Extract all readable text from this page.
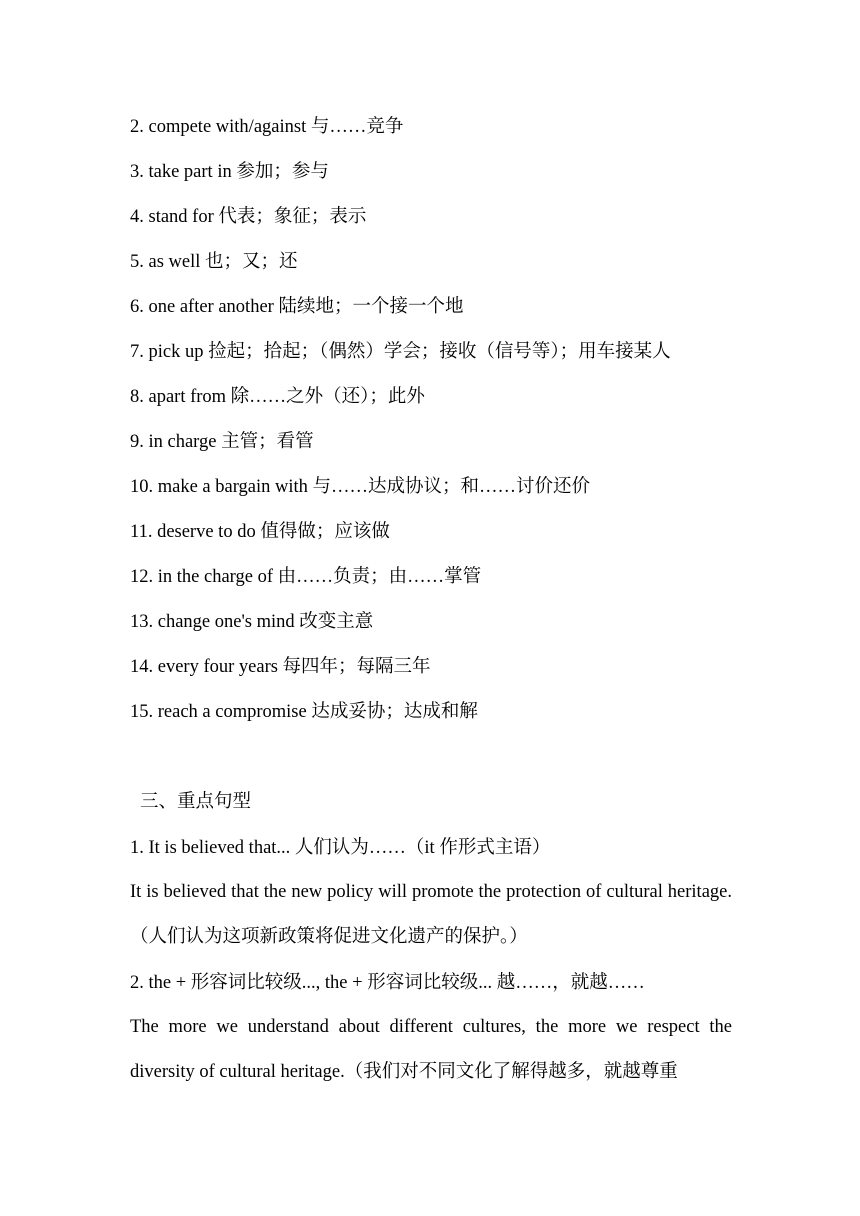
2. compete with/against 与……竞争
3. take part in 参加；参与
4. stand for 代表；象征；表示
5. as well 也；又；还
6. one after another 陆续地；一个接一个地
7. pick up 捡起；拾起；（偶然）学会；接收（信号等）；用车接某人
8. apart from 除……之外（还）；此外
9. in charge 主管；看管
10. make a bargain with 与……达成协议；和……讨价还价
11. deserve to do 值得做；应该做
12. in the charge of 由……负责；由……掌管
13. change one's mind 改变主意
14. every four years 每四年；每隔三年
15. reach a compromise 达成妥协；达成和解
三、重点句型
1. It is believed that... 人们认为……（it 作形式主语）
It is believed that the new policy will promote the protection of cultural heritage.（人们认为这项新政策将促进文化遗产的保护。）
2. the + 形容词比较级..., the + 形容词比较级... 越……，就越……
The more we understand about different cultures, the more we respect the diversity of cultural heritage.（我们对不同文化了解得越多，就越尊重
